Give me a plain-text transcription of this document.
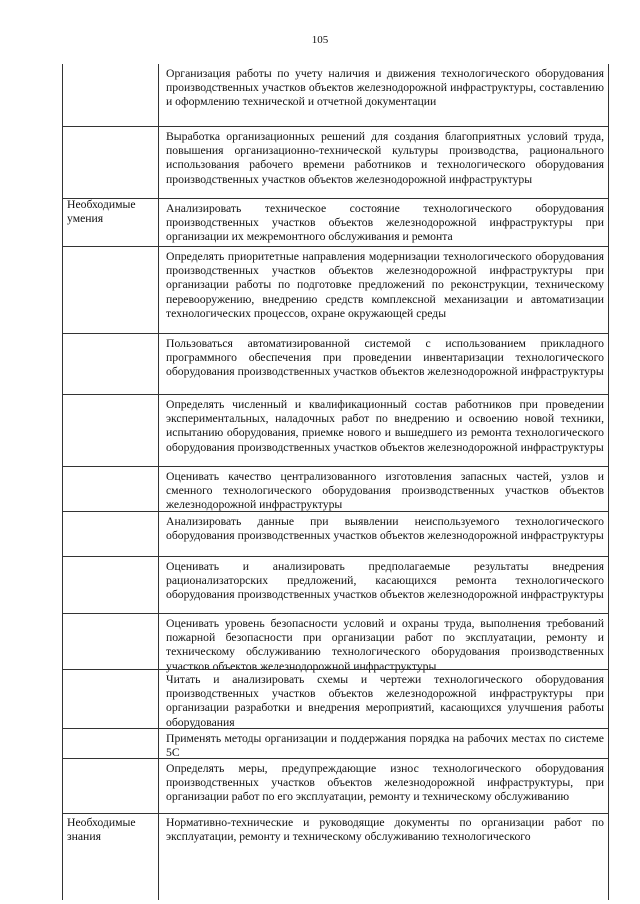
105
Необходимые умения
Необходимые знания
Организация работы по учету наличия и движения технологического оборудования производственных участков объектов железнодорожной инфраструктуры, составлению и оформлению технической и отчетной документации
Выработка организационных решений для создания благоприятных условий труда, повышения организационно-технической культуры производства, рационального использования рабочего времени работников и технологического оборудования производственных участков объектов железнодорожной инфраструктуры
Анализировать техническое состояние технологического оборудования производственных участков объектов железнодорожной инфраструктуры при организации их межремонтного обслуживания и ремонта
Определять приоритетные направления модернизации технологического оборудования производственных участков объектов железнодорожной инфраструктуры при организации работы по подготовке предложений по реконструкции, техническому перевооружению, внедрению средств комплексной механизации и автоматизации технологических процессов, охране окружающей среды
Пользоваться автоматизированной системой с использованием прикладного программного обеспечения при проведении инвентаризации технологического оборудования производственных участков объектов железнодорожной инфраструктуры
Определять численный и квалификационный состав работников при проведении экспериментальных, наладочных работ по внедрению и освоению новой техники, испытанию оборудования, приемке нового и вышедшего из ремонта технологического оборудования производственных участков объектов железнодорожной инфраструктуры
Оценивать качество централизованного изготовления запасных частей, узлов и сменного технологического оборудования производственных участков объектов железнодорожной инфраструктуры
Анализировать данные при выявлении неиспользуемого технологического оборудования производственных участков объектов железнодорожной инфраструктуры
Оценивать и анализировать предполагаемые результаты внедрения рационализаторских предложений, касающихся ремонта технологического оборудования производственных участков объектов железнодорожной инфраструктуры
Оценивать уровень безопасности условий и охраны труда, выполнения требований пожарной безопасности при организации работ по эксплуатации, ремонту и техническому обслуживанию технологического оборудования производственных участков объектов железнодорожной инфраструктуры
Читать и анализировать схемы и чертежи технологического оборудования производственных участков объектов железнодорожной инфраструктуры при организации разработки и внедрения мероприятий, касающихся улучшения работы оборудования
Применять методы организации и поддержания порядка на рабочих местах по системе 5С
Определять меры, предупреждающие износ технологического оборудования производственных участков объектов железнодорожной инфраструктуры, при организации работ по его эксплуатации, ремонту и техническому обслуживанию
Нормативно-технические и руководящие документы по организации работ по эксплуатации, ремонту и техническому обслуживанию технологического
